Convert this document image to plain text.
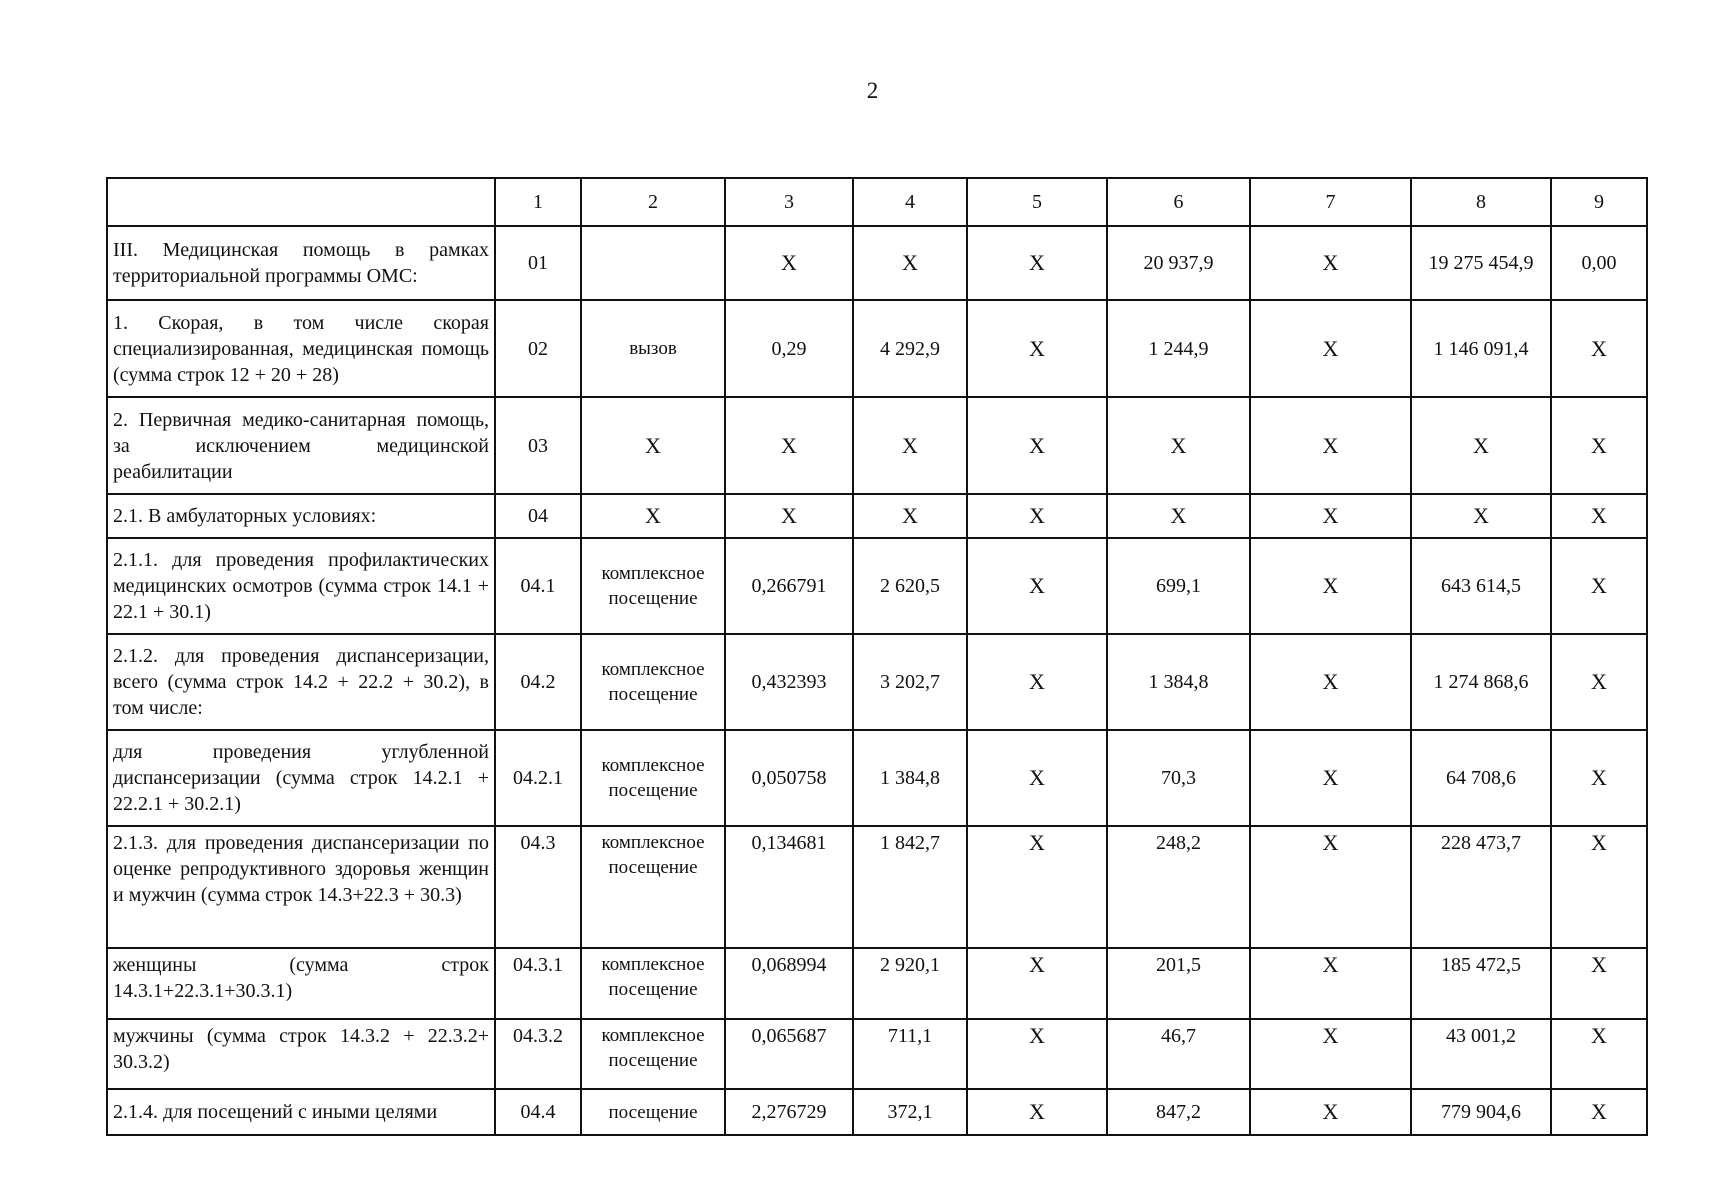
2
	1	2	3	4	5	6	7	8	9
III. Медицинская помощь в рамках территориальной программы ОМС:	01		X	X	X	20 937,9	X	19 275 454,9	0,00
1. Скорая, в том числе скорая специализированная, медицинская помощь (сумма строк 12 + 20 + 28)	02	вызов	0,29	4 292,9	X	1 244,9	X	1 146 091,4	X
2. Первичная медико-санитарная помощь, за исключением медицинской реабилитации	03	X	X	X	X	X	X	X	X
2.1. В амбулаторных условиях:	04	X	X	X	X	X	X	X	X
2.1.1. для проведения профилактических медицинских осмотров (сумма строк 14.1 + 22.1 + 30.1)	04.1	комплексное посещение	0,266791	2 620,5	X	699,1	X	643 614,5	X
2.1.2. для проведения диспансеризации, всего (сумма строк 14.2 + 22.2 + 30.2), в том числе:	04.2	комплексное посещение	0,432393	3 202,7	X	1 384,8	X	1 274 868,6	X
для проведения углубленной диспансеризации (сумма строк 14.2.1 + 22.2.1 + 30.2.1)	04.2.1	комплексное посещение	0,050758	1 384,8	X	70,3	X	64 708,6	X
2.1.3. для проведения диспансеризации по оценке репродуктивного здоровья женщин и мужчин (сумма строк 14.3+22.3 + 30.3)	04.3	комплексное посещение	0,134681	1 842,7	X	248,2	X	228 473,7	X
женщины (сумма строк 14.3.1+22.3.1+30.3.1)	04.3.1	комплексное посещение	0,068994	2 920,1	X	201,5	X	185 472,5	X
мужчины (сумма строк 14.3.2 + 22.3.2+ 30.3.2)	04.3.2	комплексное посещение	0,065687	711,1	X	46,7	X	43 001,2	X
2.1.4. для посещений с иными целями	04.4	посещение	2,276729	372,1	X	847,2	X	779 904,6	X
